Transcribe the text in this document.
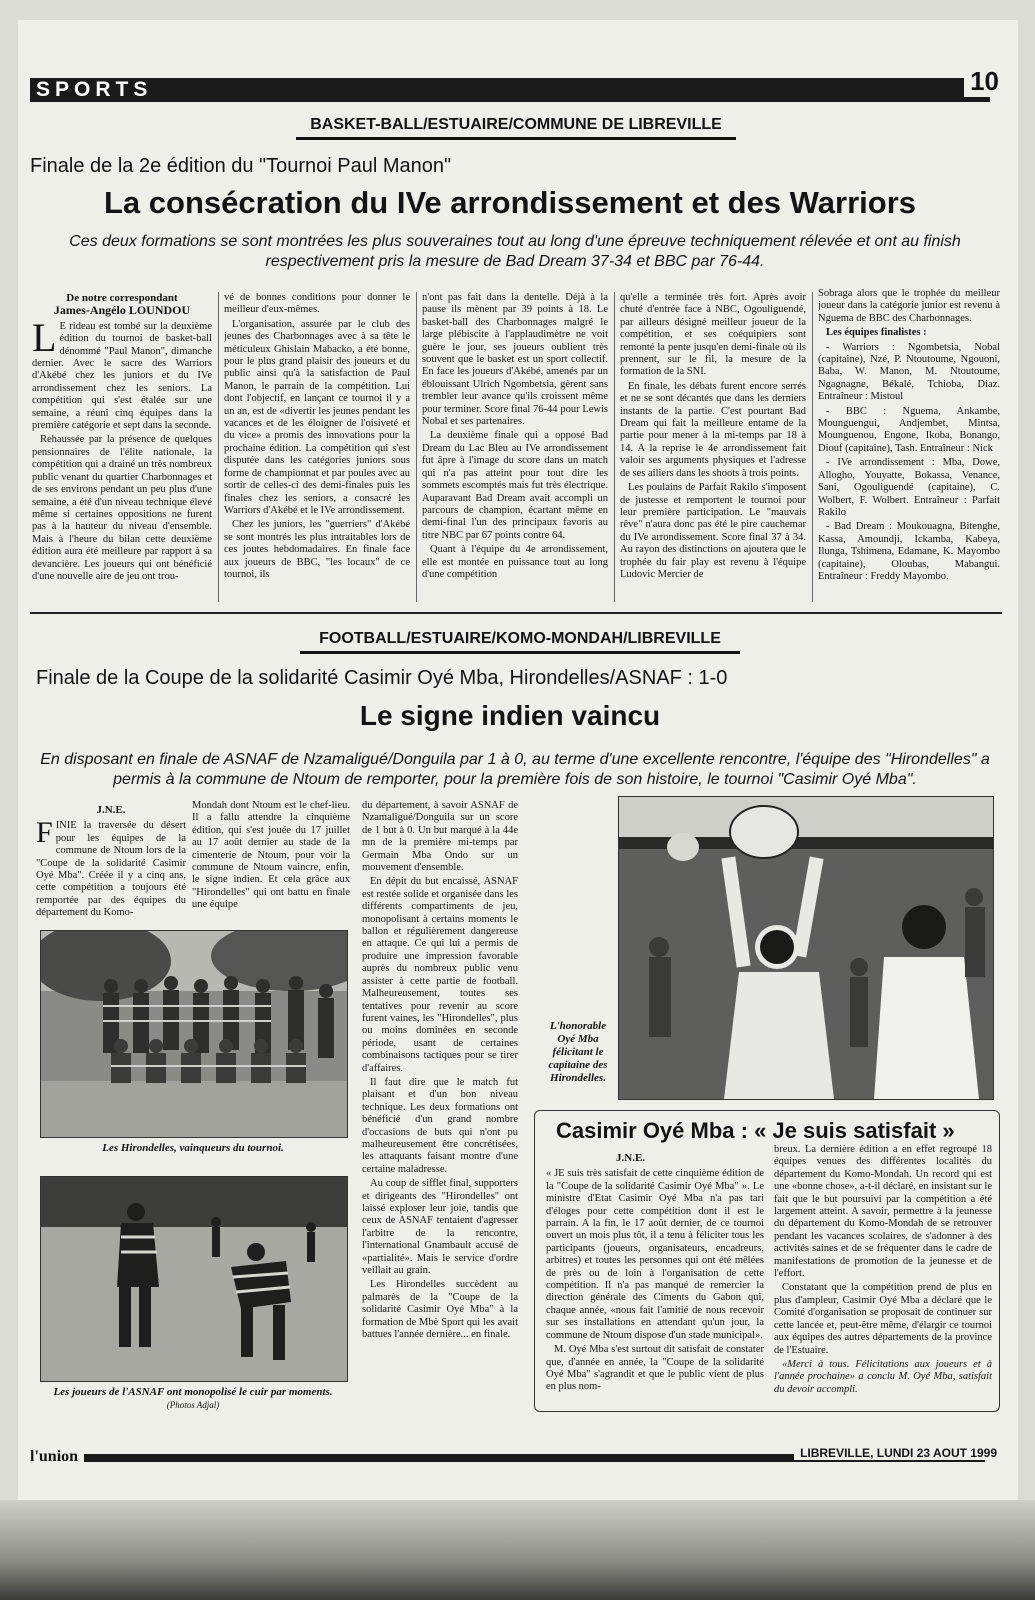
SPORTS	10
BASKET-BALL/ESTUAIRE/COMMUNE DE LIBREVILLE
Finale de la 2e édition du "Tournoi Paul Manon"
La consécration du IVe arrondissement et des Warriors
Ces deux formations se sont montrées les plus souveraines tout au long d'une épreuve techniquement rélevée et ont au finish respectivement pris la mesure de Bad Dream 37-34 et BBC par 76-44.
De notre correspondant
James-Angélo LOUNDOU
L E rideau est tombé sur la deuxième édition du tournoi de basket-ball dénommé "Paul Manon", dimanche dernier. Avec le sacre des Warriors d'Akébé chez les juniors et du IVe arrondissement chez les seniors. La compétition qui s'est étalée sur une semaine, a réuni cinq équipes dans la première catégorie et sept dans la seconde.

Rehaussée par la présence de quelques pensionnaires de l'élite nationale, la compétition qui a drainé un très nombreux public venant du quartier Charbonnages et de ses environs pendant un peu plus d'une semaine, a été d'un niveau technique élevé même si certaines oppositions ne furent pas à la hauteur du niveau d'ensemble. Mais à l'heure du bilan cette deuxième édition aura été meilleure par rapport à sa devancière. Les joueurs qui ont bénéficié d'une nouvelle aire de jeu ont trou-

vé de bonnes conditions pour donner le meilleur d'eux-mêmes.

L'organisation, assurée par le club des jeunes des Charbonnages avec à sa tête le méticuleux Ghislain Mabacko, a été bonne, pour le plus grand plaisir des joueurs et du public ainsi qu'à la satisfaction de Paul Manon, le parrain de la compétition. Lui dont l'objectif, en lançant ce tournoi il y a un an, est de «divertir les jeunes pendant les vacances et de les éloigner de l'oisiveté et du vice» a promis des innovations pour la prochaine édition. La compétition qui s'est disputée dans les catégories juniors sous forme de championnat et par poules avec au sortir de celles-ci des demi-finales puis les finales chez les seniors, a consacré les Warriors d'Akébé et le IVe arrondissement.

Chez les juniors, les "guerriers" d'Akébé se sont montrés les plus intraitables lors de ces joutes hebdomadaires. En finale face aux joueurs de BBC, "les locaux" de ce tournoi, ils

n'ont pas fait dans la dentelle. Déjà à la pause ils mènent par 39 points à 18. Le basket-ball des Charbonnages malgré le large plébiscite à l'applaudimètre ne voit guère le jour, ses joueurs oublient très souvent que le basket est un sport collectif. En face les joueurs d'Akébé, amenés par un éblouissant Ulrich Ngombetsia, gèrent sans trembler leur avance qu'ils croissent même pour terminer. Score final 76-44 pour Lewis Nobal et ses partenaires.

La deuxième finale qui a opposé Bad Dream du Lac Bleu au IVe arrondissement fut âpre à l'image du score dans un match qui n'a pas atteint pour tout dire les sommets escomptés mais fut très électrique. Auparavant Bad Dream avait accompli un parcours de champion, écartant même en demi-final l'un des principaux favoris au titre NBC par 67 points contre 64.

Quant à l'équipe du 4e arrondissement, elle est montée en puissance tout au long d'une compétition

qu'elle a terminée très fort. Après avoir chuté d'entrée face à NBC, Ogouliguendé, par ailleurs désigné meilleur joueur de la compétition, et ses coéquipiers sont remonté la pente jusqu'en demi-finale où ils prennent, sur le fil, la mesure de la formation de la SNI.

En finale, les débats furent encore serrés et ne se sont décantés que dans les derniers instants de la partie. C'est pourtant Bad Dream qui fait la meilleure entame de la partie pour mener à la mi-temps par 18 à 14. A la reprise le 4e arrondissement fait valoir ses arguments physiques et l'adresse de ses ailiers dans les shoots à trois points.

Les poulains de Parfait Rakilo s'imposent de justesse et remportent le tournoi pour leur première participation. Le "mauvais rêve" n'aura donc pas été le pire cauchemar du IVe arrondissement. Score final 37 à 34. Au rayon des distinctions on ajoutera que le trophée du fair play est revenu à l'équipe Ludovic Mercier de

Sobraga alors que le trophée du meilleur joueur dans la catégorie junior est revenu à Nguema de BBC des Charbonnages.

Les équipes finalistes :

- Warriors : Ngombetsia, Nobal (capitaine), Nzé, P. Ntoutoume, Ngouoni, Baba, W. Manon, M. Ntoutoume, Ngagnagne, Békalé, Tchioba, Diaz. Entraîneur : Mistoul

- BBC : Nguema, Ankambe, Mounguengui, Andjembet, Mintsa, Mounguenou, Engone, Ikoba, Bonango, Diouf (capitaine), Tash. Entraîneur : Nick

- IVe arrondissement : Mba, Dowe, Allogho, Youyatte, Bokassa, Venance, Sani, Ogouliguendé (capitaine), C. Wolbert, F. Wolbert. Entraîneur : Parfait Rakilo

- Bad Dream : Moukouagna, Bitenghe, Kassa, Amoundji, Ickamba, Kabeya, Ilunga, Tshimena, Edamane, K. Mayombo (capitaine), Oloubas, Mabangui. Entraîneur : Freddy Mayombo.

FOOTBALL/ESTUAIRE/KOMO-MONDAH/LIBREVILLE
Finale de la Coupe de la solidarité Casimir Oyé Mba, Hirondelles/ASNAF : 1-0
Le signe indien vaincu
En disposant en finale de ASNAF de Nzamaligué/Donguila par 1 à 0, au terme d'une excellente rencontre, l'équipe des "Hirondelles" a permis à la commune de Ntoum de remporter, pour la première fois de son histoire, le tournoi "Casimir Oyé Mba".
J.N.E.
F INIE la traversée du désert pour les équipes de la commune de Ntoum lors de la "Coupe de la solidarité Casimir Oyé Mba". Créée il y a cinq ans, cette compétition a toujours été remportée par des équipes du département du Komo-

Mondah dont Ntoum est le chef-lieu. Il a fallu attendre la cinquième édition, qui s'est jouée du 17 juillet au 17 août dernier au stade de la cimenterie de Ntoum, pour voir la commune de Ntoum vaincre, enfin, le signe indien. Et cela grâce aux "Hirondelles" qui ont battu en finale une équipe

Les Hirondelles, vainqueurs du tournoi.
Les joueurs de l'ASNAF ont monopolisé le cuir par moments. (Photos Adjal)

du département, à savoir ASNAF de Nzamaligué/Donguila sur un score de 1 but à 0. Un but marqué à la 44e mn de la première mi-temps par Germain Mba Ondo sur un mouvement d'ensemble.

En dépit du but encaissé, ASNAF est restée solide et organisée dans les différents compartiments de jeu, monopolisant à certains moments le ballon et régulièrement dangereuse en attaque. Ce qui lui a permis de produire une impression favorable auprès du nombreux public venu assister à cette partie de football. Malheureusement, toutes ses tentatives pour revenir au score furent vaines, les "Hirondelles", plus ou moins dominées en seconde période, usant de certaines combinaisons tactiques pour se tirer d'affaires.

Il faut dire que le match fut plaisant et d'un bon niveau technique. Les deux formations ont bénéficié d'un grand nombre d'occasions de buts qui n'ont pu malheureusement être concrétisées, les attaquants faisant montre d'une certaine maladresse.

Au coup de sifflet final, supporters et dirigeants des "Hirondelles" ont laissé exploser leur joie, tandis que ceux de ASNAF tentaient d'agresser l'arbitre de la rencontre, l'international Gnambault accusé de «partialité». Mais le service d'ordre veillait au grain.

Les Hirondelles succèdent au palmarès de la "Coupe de la solidarité Casimir Oyé Mba" à la formation de Mbè Sport qui les avait battues l'année dernière... en finale.

L'honorable Oyé Mba félicitant le capitaine des Hirondelles.
Casimir Oyé Mba : « Je suis satisfait »
J.N.E.

« JE suis très satisfait de cette cinquième édition de la "Coupe de la solidarité Casimir Oyé Mba" ». Le ministre d'Etat Casimir Oyé Mba n'a pas tari d'éloges pour cette compétition dont il est le parrain. A la fin, le 17 août dernier, de ce tournoi ouvert un mois plus tôt, il a tenu à féliciter tous les participants (joueurs, organisateurs, encadreurs, arbitres) et toutes les personnes qui ont été mêlées de près ou de loin à l'organisation de cette compétition. Il n'a pas manqué de remercier la direction générale des Ciments du Gabon qui, chaque année, «nous fait l'amitié de nous recevoir sur ses installations en attendant qu'un jour, la commune de Ntoum dispose d'un stade municipal».

M. Oyé Mba s'est surtout dit satisfait de constater que, d'année en année, la "Coupe de la solidarité Oyé Mba" s'agrandit et que le public vient de plus en plus nom-

breux. La dernière édition a en effet regroupé 18 équipes venues des différentes localités du département du Komo-Mondah. Un record qui est une «bonne chose», a-t-il déclaré, en insistant sur le fait que le but poursuivi par la compétition a été largement atteint. A savoir, permettre à la jeunesse du département du Komo-Mondah de se retrouver pendant les vacances scolaires, de s'adonner à des activités saines et de se fréquenter dans le cadre de manifestations de promotion de la jeunesse et de l'effort.

Constatant que la compétition prend de plus en plus d'ampleur, Casimir Oyé Mba a déclaré que le Comité d'organisation se proposait de continuer sur cette lancée et, peut-être même, d'élargir ce tournoi aux équipes des autres départements de la province de l'Estuaire.

«Merci à tous. Félicitations aux joueurs et à l'année prochaine» a conclu M. Oyé Mba, satisfait du devoir accompli.

l'union	LIBREVILLE, LUNDI 23 AOUT 1999
